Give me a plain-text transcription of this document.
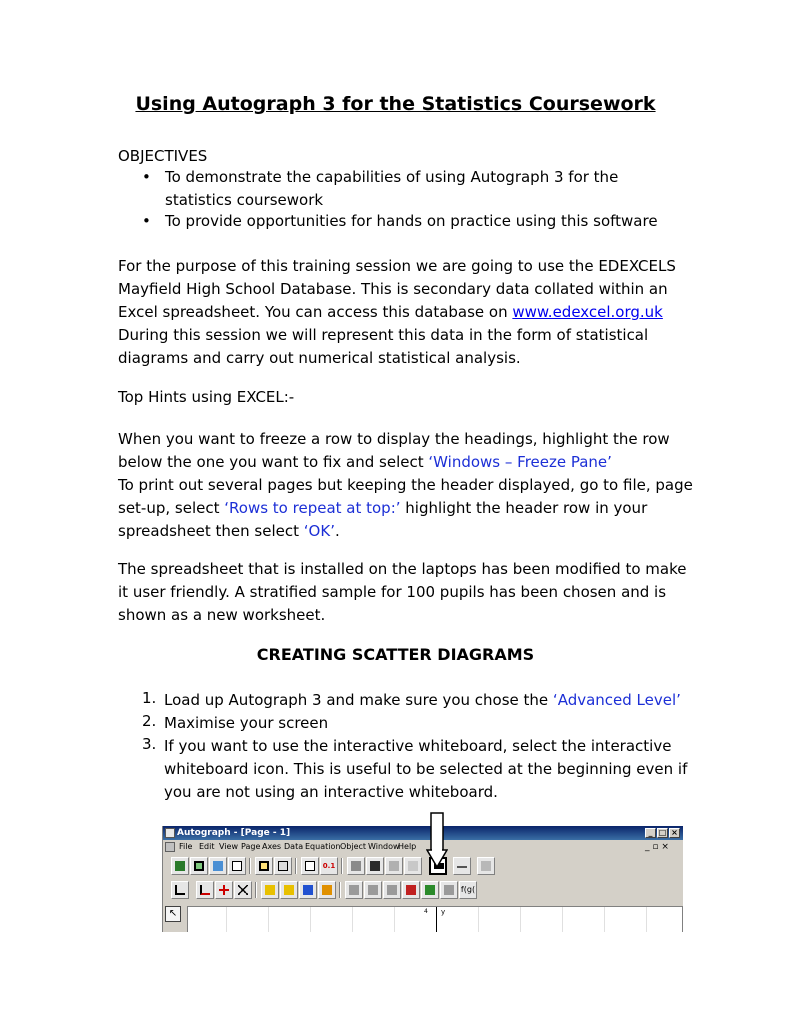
Using Autograph 3 for the Statistics Coursework
OBJECTIVES
• To demonstrate the capabilities of using Autograph 3 for the
statistics coursework
• To provide opportunities for hands on practice using this software
For the purpose of this training session we are going to use the EDEXCELS
Mayfield High School Database. This is secondary data collated within an
Excel spreadsheet. You can access this database on www.edexcel.org.uk
During this session we will represent this data in the form of statistical
diagrams and carry out numerical statistical analysis.
Top Hints using EXCEL:-
When you want to freeze a row to display the headings, highlight the row
below the one you want to fix and select ‘Windows – Freeze Pane’
To print out several pages but keeping the header displayed, go to file, page
set-up, select ‘Rows to repeat at top:’ highlight the header row in your
spreadsheet then select ‘OK’.
The spreadsheet that is installed on the laptops has been modified to make
it user friendly. A stratified sample for 100 pupils has been chosen and is
shown as a new worksheet.
CREATING SCATTER DIAGRAMS
1. Load up Autograph 3 and make sure you chose the ‘Advanced Level’
2. Maximise your screen
3. If you want to use the interactive whiteboard, select the interactive
whiteboard icon. This is useful to be selected at the beginning even if
you are not using an interactive whiteboard.
Autograph - [Page - 1]	_ □ ×
File Edit View Page Axes Data Equation Object Window
Help	_ ▫ ×
0.1
f(g(
↖	4 y
